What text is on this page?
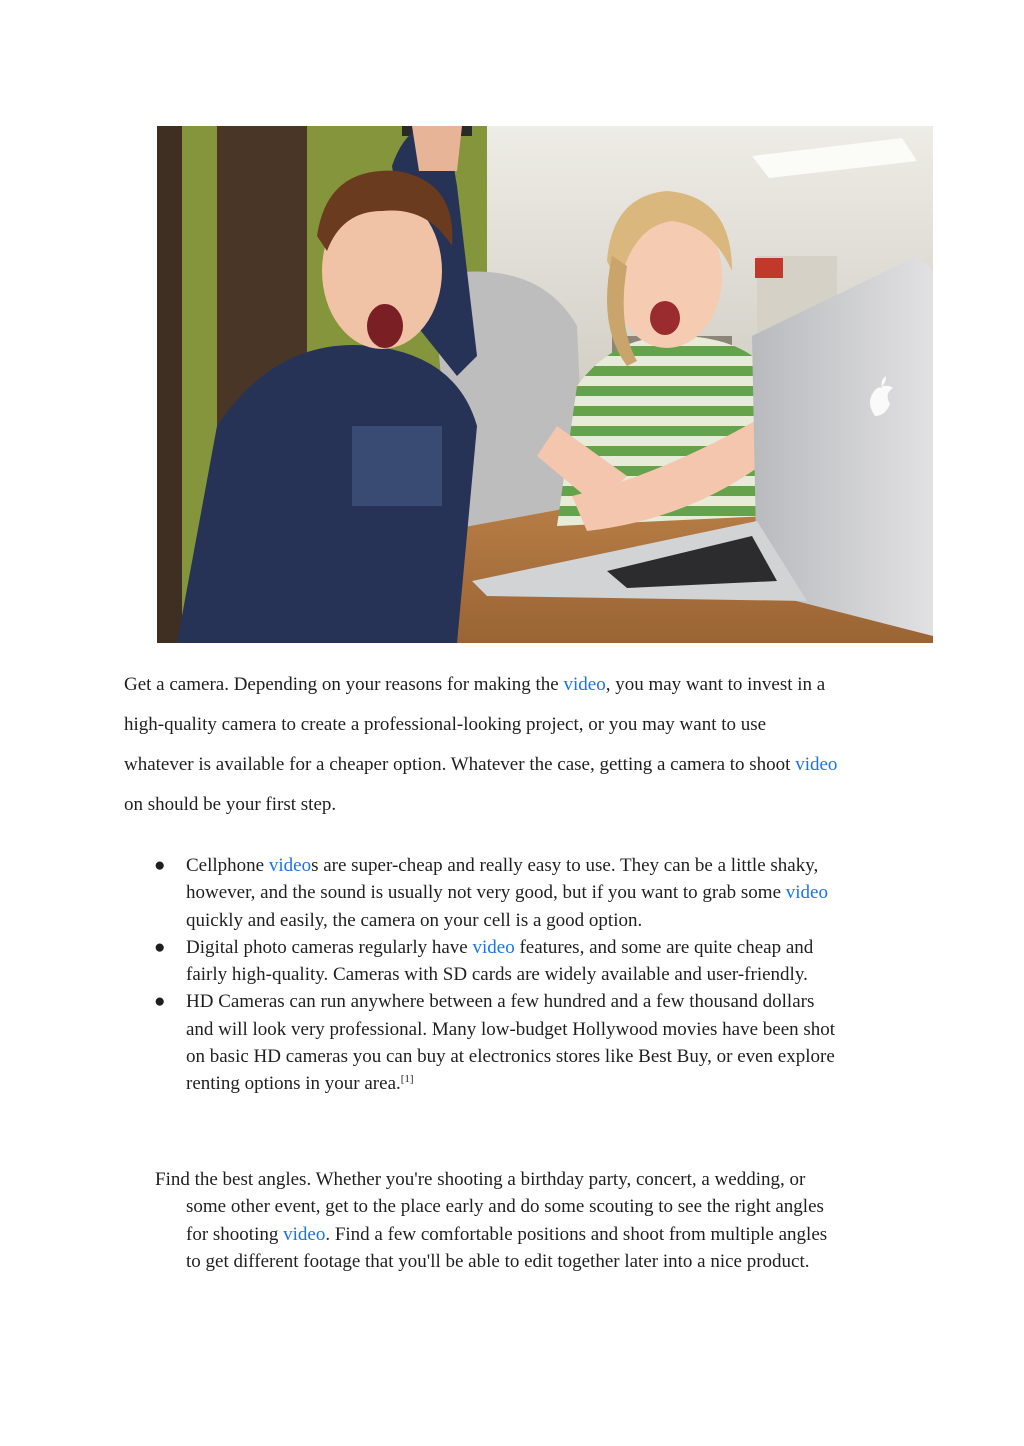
Get a camera. Depending on your reasons for making the video, you may want to invest in a
high-quality camera to create a professional-looking project, or you may want to use
whatever is available for a cheaper option. Whatever the case, getting a camera to shoot video
on should be your first step.

● Cellphone videos are super-cheap and really easy to use. They can be a little shaky,
however, and the sound is usually not very good, but if you want to grab some video
quickly and easily, the camera on your cell is a good option.
● Digital photo cameras regularly have video features, and some are quite cheap and
fairly high-quality. Cameras with SD cards are widely available and user-friendly.
● HD Cameras can run anywhere between a few hundred and a few thousand dollars
and will look very professional. Many low-budget Hollywood movies have been shot
on basic HD cameras you can buy at electronics stores like Best Buy, or even explore
renting options in your area.[1]

Find the best angles. Whether you're shooting a birthday party, concert, a wedding, or
some other event, get to the place early and do some scouting to see the right angles
for shooting video. Find a few comfortable positions and shoot from multiple angles
to get different footage that you'll be able to edit together later into a nice product.
